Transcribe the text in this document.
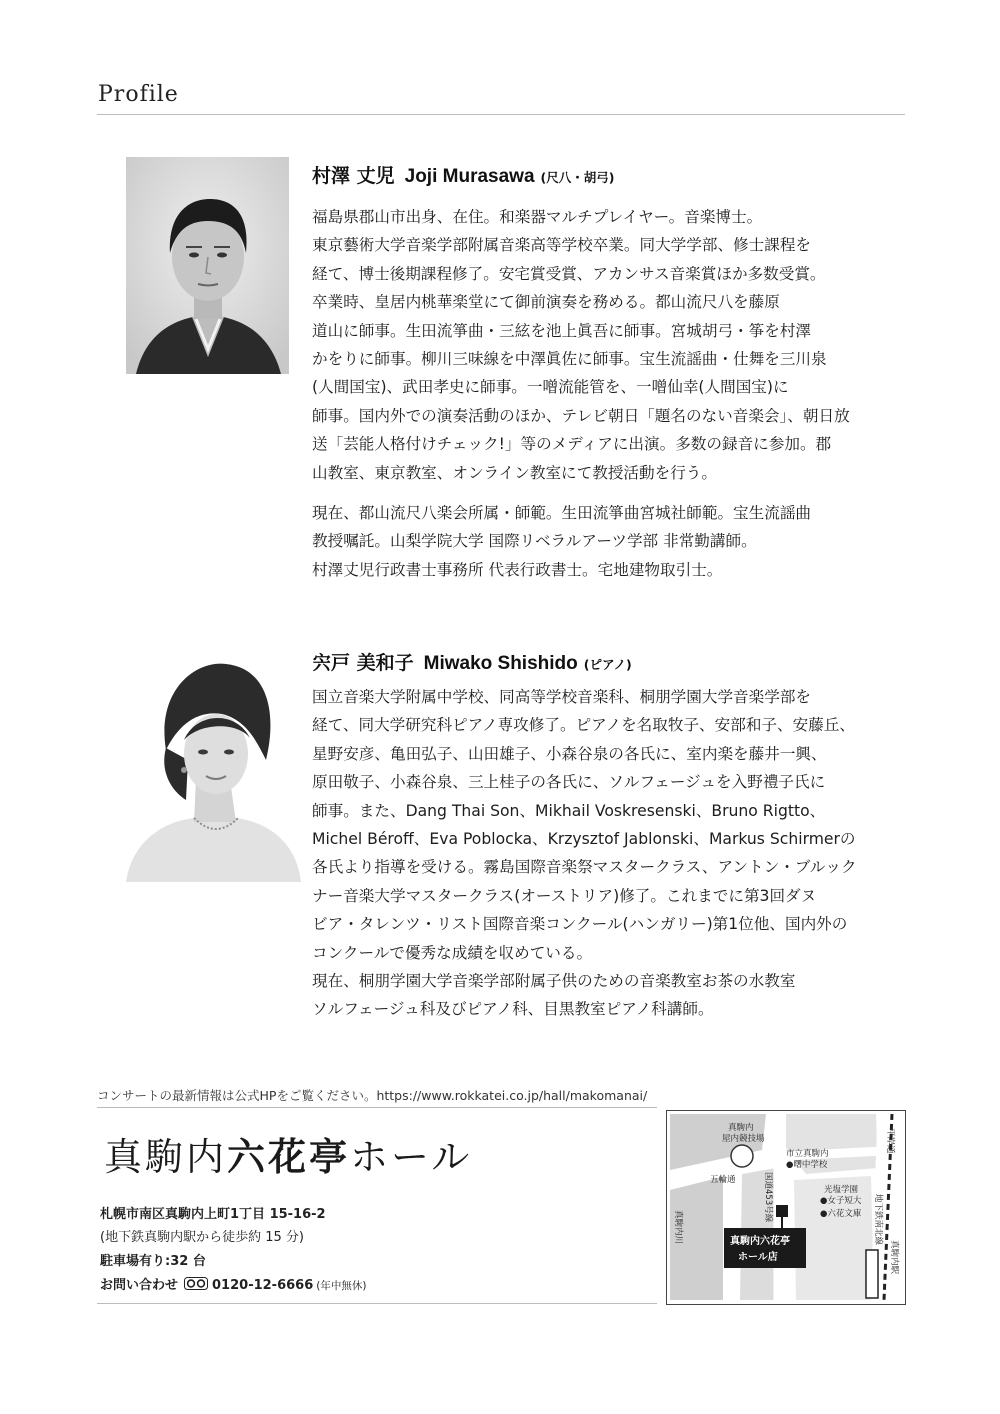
Profile
村澤 丈児 Joji Murasawa (尺八・胡弓)

福島県郡山市出身、在住。和楽器マルチプレイヤー。音楽博士。

東京藝術大学音楽学部附属音楽高等学校卒業。同大学学部、修士課程を

経て、博士後期課程修了。安宅賞受賞、アカンサス音楽賞ほか多数受賞。

卒業時、皇居内桃華楽堂にて御前演奏を務める。都山流尺八を藤原

道山に師事。生田流箏曲・三絃を池上眞吾に師事。宮城胡弓・筝を村澤

かをりに師事。柳川三味線を中澤眞佐に師事。宝生流謡曲・仕舞を三川泉

(人間国宝)、武田孝史に師事。一噌流能管を、一噌仙幸(人間国宝)に

師事。国内外での演奏活動のほか、テレビ朝日「題名のない音楽会」、朝日放

送「芸能人格付けチェック!」等のメディアに出演。多数の録音に参加。郡

山教室、東京教室、オンライン教室にて教授活動を行う。

現在、都山流尺八楽会所属・師範。生田流箏曲宮城社師範。宝生流謡曲

教授嘱託。山梨学院大学 国際リベラルアーツ学部 非常勤講師。

村澤丈児行政書士事務所 代表行政書士。宅地建物取引士。

宍戸 美和子 Miwako Shishido (ピアノ)

国立音楽大学附属中学校、同高等学校音楽科、桐朋学園大学音楽学部を

経て、同大学研究科ピアノ専攻修了。ピアノを名取牧子、安部和子、安藤丘、

星野安彦、亀田弘子、山田雄子、小森谷泉の各氏に、室内楽を藤井一興、

原田敬子、小森谷泉、三上桂子の各氏に、ソルフェージュを入野禮子氏に

師事。また、Dang Thai Son、Mikhail Voskresenski、Bruno Rigtto、

Michel Béroff、Eva Poblocka、Krzysztof Jablonski、Markus Schirmerの

各氏より指導を受ける。霧島国際音楽祭マスタークラス、アントン・ブルック

ナー音楽大学マスタークラス(オーストリア)修了。これまでに第3回ダヌ

ビア・タレンツ・リスト国際音楽コンクール(ハンガリー)第1位他、国内外の

コンクールで優秀な成績を収めている。

現在、桐朋学園大学音楽学部附属子供のための音楽教室お茶の水教室

ソルフェージュ科及びピアノ科、目黒教室ピアノ科講師。

コンサートの最新情報は公式HPをご覧ください。https://www.rokkatei.co.jp/hall/makomanai/
真駒内六花亭ホール
札幌市南区真駒内上町1丁目 15-16-2
(地下鉄真駒内駅から徒歩約 15 分)
駐車場有り:32 台
お問い合わせ	0120-12-6666 (年中無休)
真駒内
屋内競技場
市立真駒内
●曙中学校
五輪通
光塩学園
●女子短大
●六花文庫
真駒内六花亭
ホール店
国道453号線
真駒内川
平岸通
地下鉄南北線
真駒内駅
